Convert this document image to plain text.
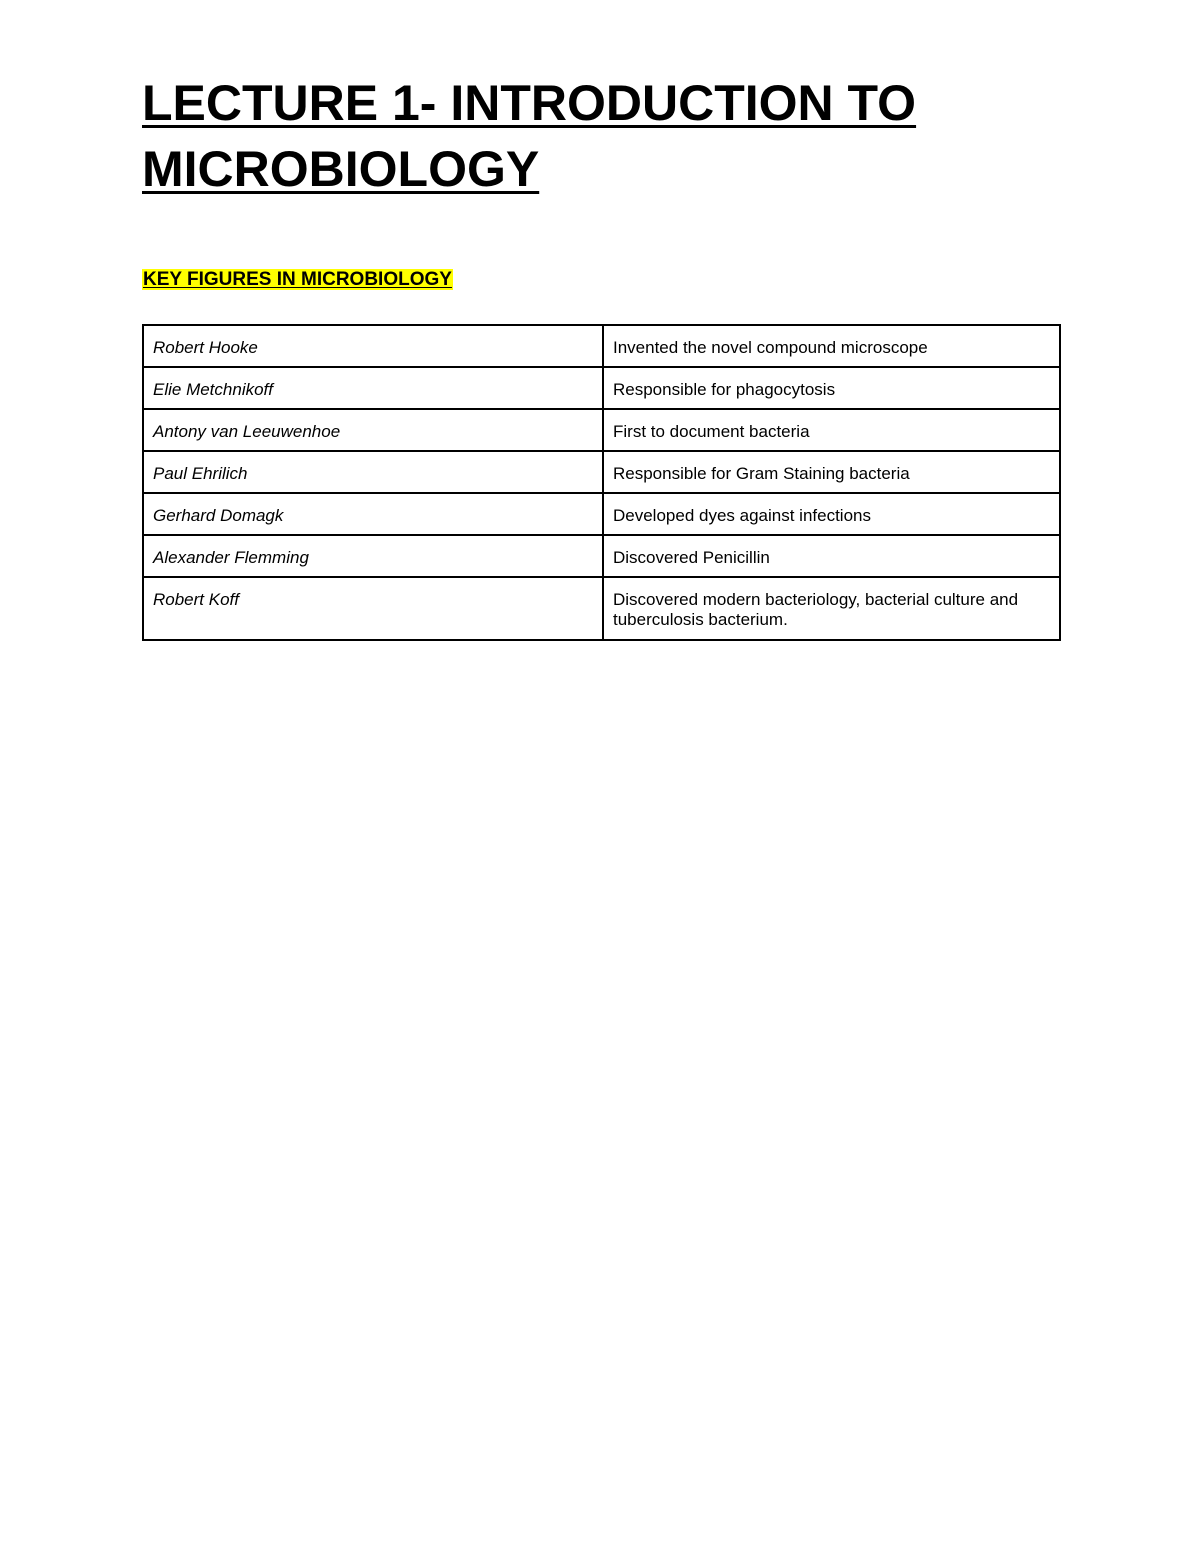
LECTURE 1- INTRODUCTION TO MICROBIOLOGY
KEY FIGURES IN MICROBIOLOGY
Robert Hooke	Invented the novel compound microscope
Elie Metchnikoff	Responsible for phagocytosis
Antony van Leeuwenhoe	First to document bacteria
Paul Ehrilich	Responsible for Gram Staining bacteria
Gerhard Domagk	Developed dyes against infections
Alexander Flemming	Discovered Penicillin
Robert Koff	Discovered modern bacteriology, bacterial culture and tuberculosis bacterium.
